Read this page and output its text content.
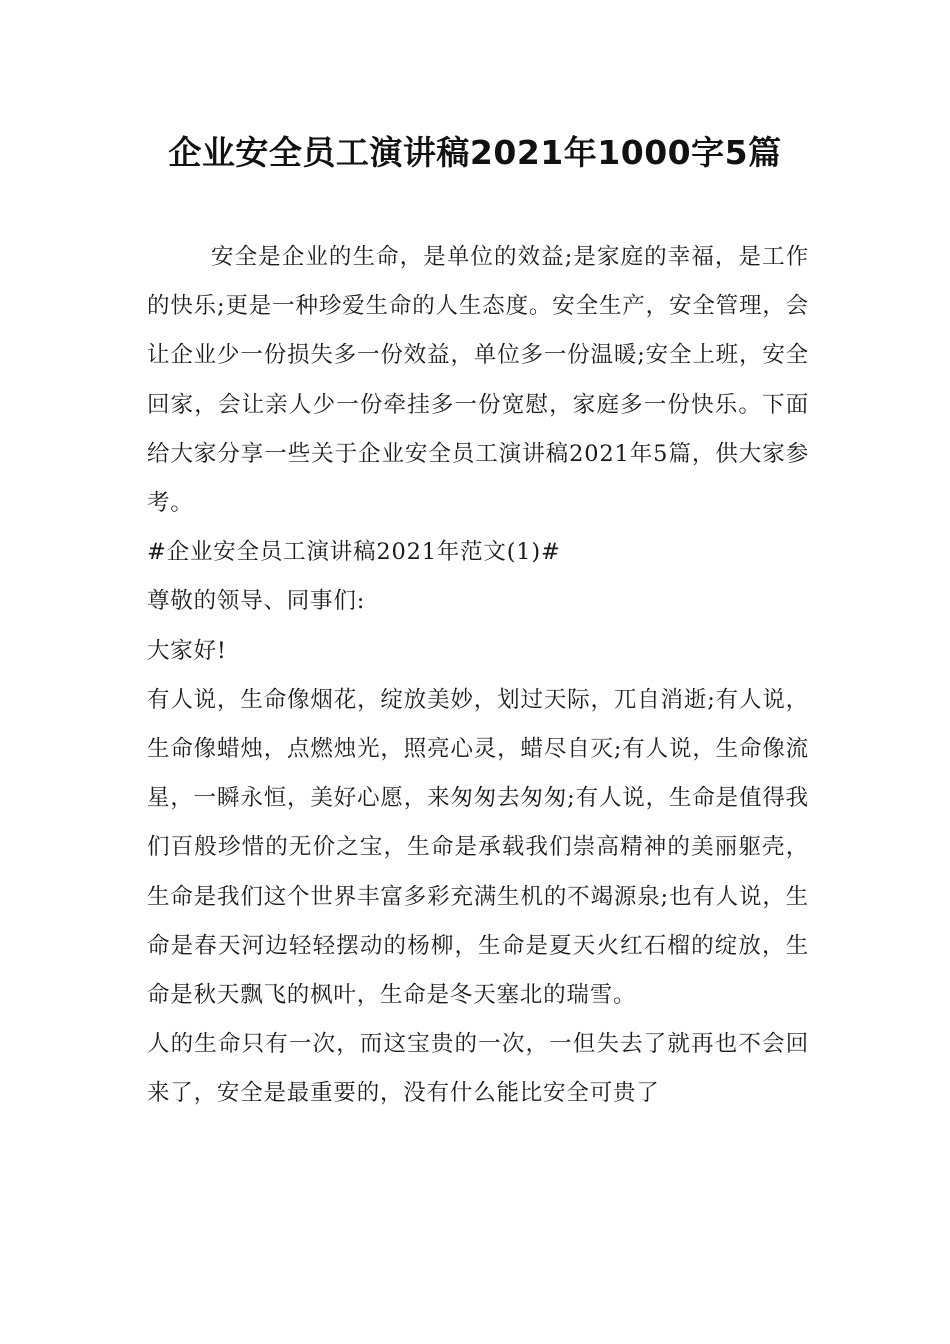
企业安全员工演讲稿2021年1000字5篇

安全是企业的生命，是单位的效益;是家庭的幸福，是工作的快乐;更是一种珍爱生命的人生态度。安全生产，安全管理，会让企业少一份损失多一份效益，单位多一份温暖;安全上班，安全回家，会让亲人少一份牵挂多一份宽慰，家庭多一份快乐。下面给大家分享一些关于企业安全员工演讲稿2021年5篇，供大家参考。

#企业安全员工演讲稿2021年范文(1)#

尊敬的领导、同事们:

大家好!

有人说，生命像烟花，绽放美妙，划过天际，兀自消逝;有人说，生命像蜡烛，点燃烛光，照亮心灵，蜡尽自灭;有人说，生命像流星，一瞬永恒，美好心愿，来匆匆去匆匆;有人说，生命是值得我们百般珍惜的无价之宝，生命是承载我们崇高精神的美丽躯壳，生命是我们这个世界丰富多彩充满生机的不竭源泉;也有人说，生命是春天河边轻轻摆动的杨柳，生命是夏天火红石榴的绽放，生命是秋天飘飞的枫叶，生命是冬天塞北的瑞雪。

人的生命只有一次，而这宝贵的一次，一但失去了就再也不会回来了，安全是最重要的，没有什么能比安全可贵了
